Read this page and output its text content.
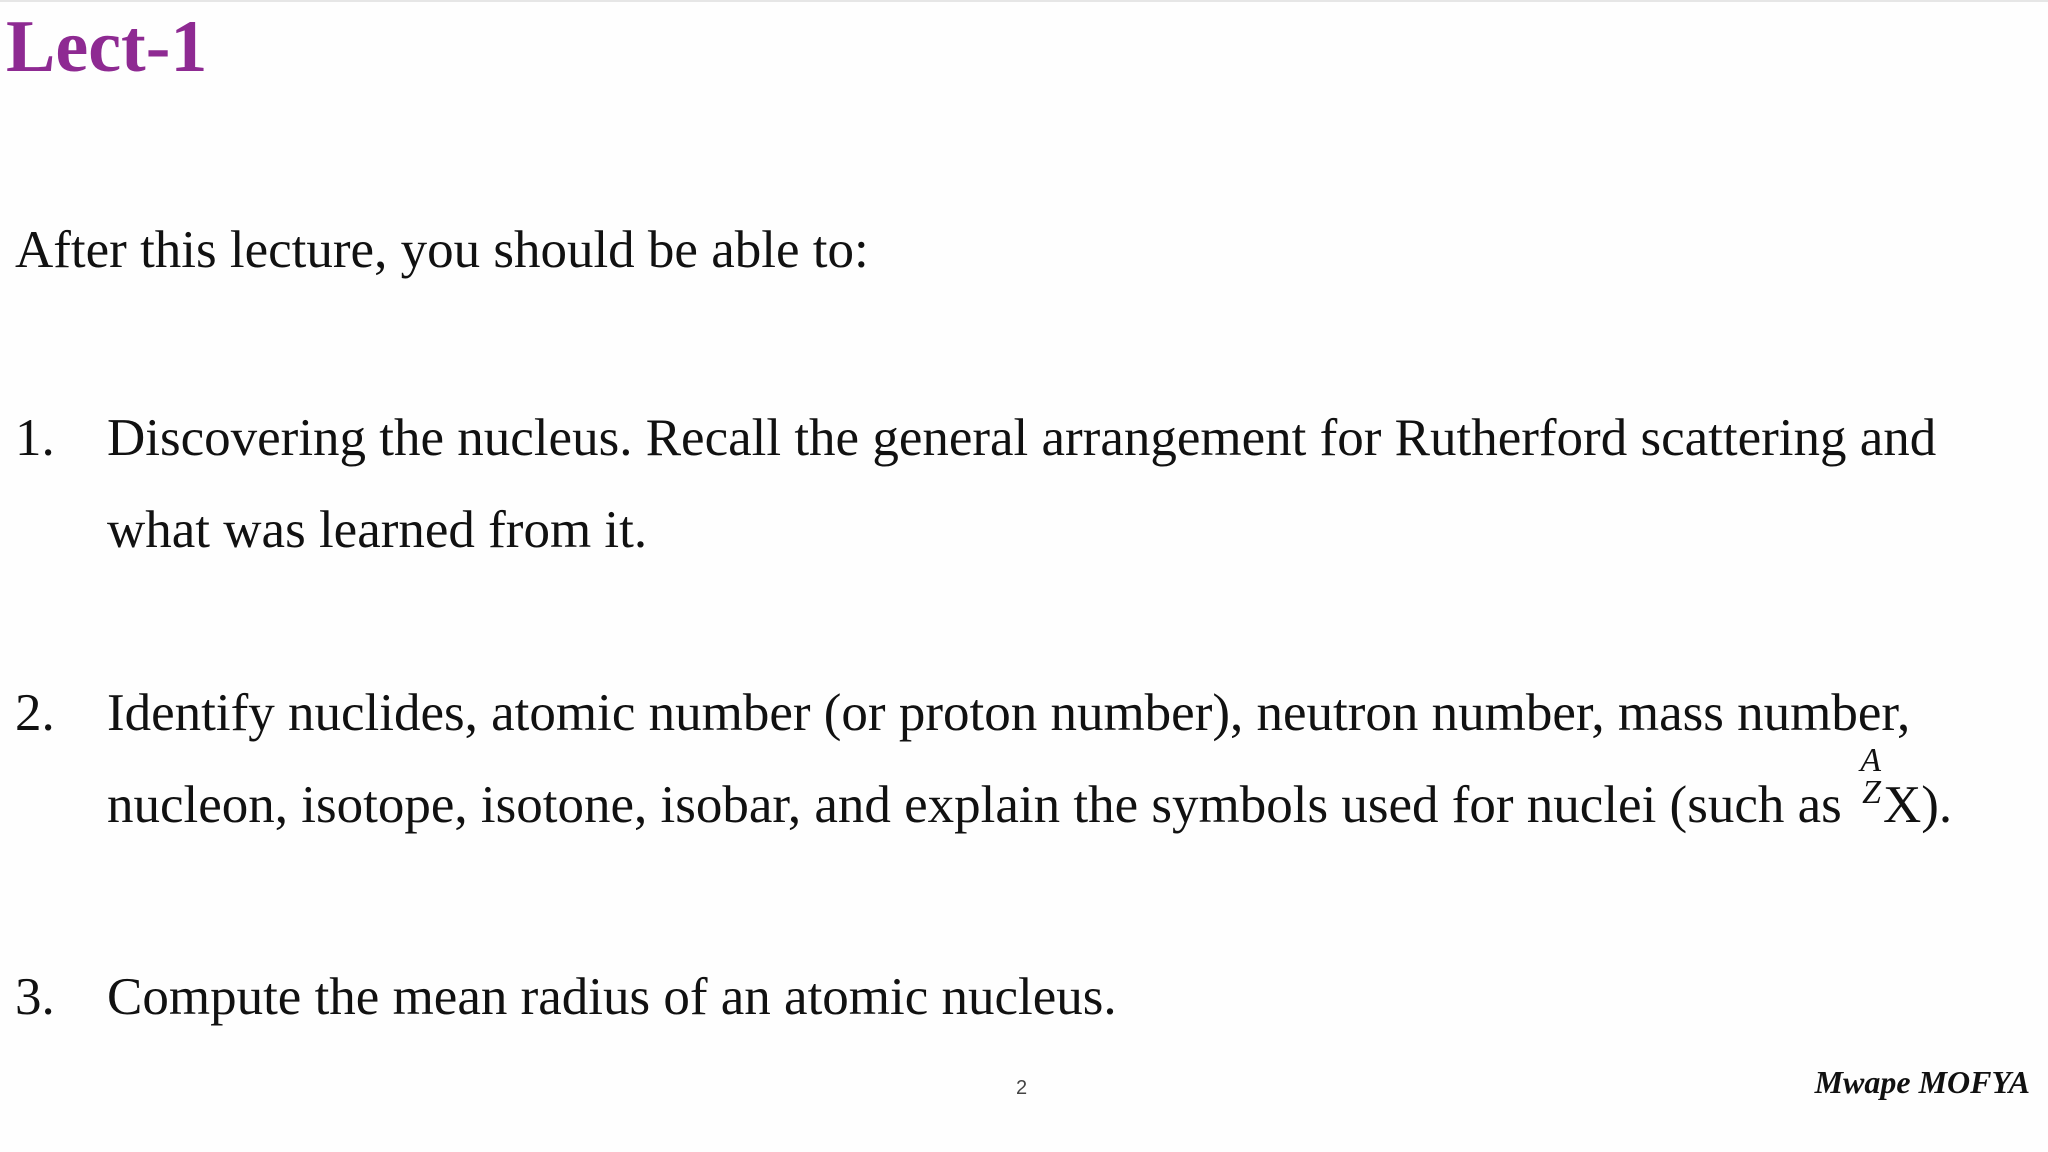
Lect-1
After this lecture, you should be able to:
1. Discovering the nucleus. Recall the general arrangement for Rutherford scattering and
what was learned from it.
2. Identify nuclides, atomic number (or proton number), neutron number, mass number,
nucleon, isotope, isotone, isobar, and explain the symbols used for nuclei (such as
A
Z X).
3. Compute the mean radius of an atomic nucleus.
2	Mwape MOFYA
